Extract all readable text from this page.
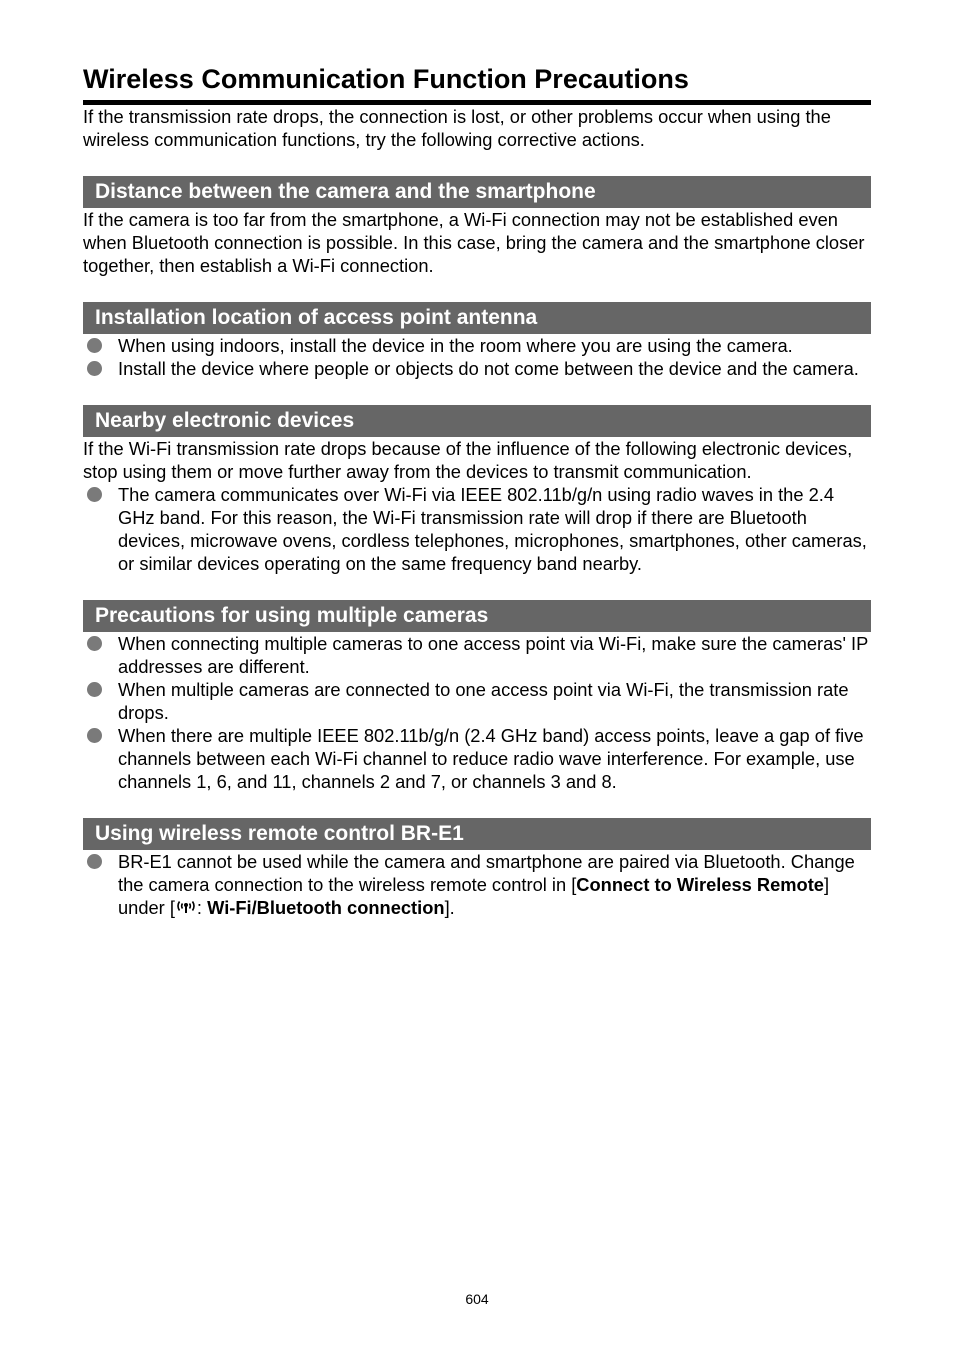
Wireless Communication Function Precautions

If the transmission rate drops, the connection is lost, or other problems occur when using the wireless communication functions, try the following corrective actions.

Distance between the camera and the smartphone

If the camera is too far from the smartphone, a Wi-Fi connection may not be established even when Bluetooth connection is possible. In this case, bring the camera and the smartphone closer together, then establish a Wi-Fi connection.

Installation location of access point antenna
When using indoors, install the device in the room where you are using the camera.
Install the device where people or objects do not come between the device and the camera.
Nearby electronic devices

If the Wi-Fi transmission rate drops because of the influence of the following electronic devices, stop using them or move further away from the devices to transmit communication.

The camera communicates over Wi-Fi via IEEE 802.11b/g/n using radio waves in the 2.4 GHz band. For this reason, the Wi-Fi transmission rate will drop if there are Bluetooth devices, microwave ovens, cordless telephones, microphones, smartphones, other cameras, or similar devices operating on the same frequency band nearby.
Precautions for using multiple cameras
When connecting multiple cameras to one access point via Wi-Fi, make sure the cameras' IP addresses are different.
When multiple cameras are connected to one access point via Wi-Fi, the transmission rate drops.
When there are multiple IEEE 802.11b/g/n (2.4 GHz band) access points, leave a gap of five channels between each Wi-Fi channel to reduce radio wave interference. For example, use channels 1, 6, and 11, channels 2 and 7, or channels 3 and 8.
Using wireless remote control BR-E1
BR-E1 cannot be used while the camera and smartphone are paired via Bluetooth. Change the camera connection to the wireless remote control in [Connect to Wireless Remote] under [ : Wi-Fi/Bluetooth connection].
604
